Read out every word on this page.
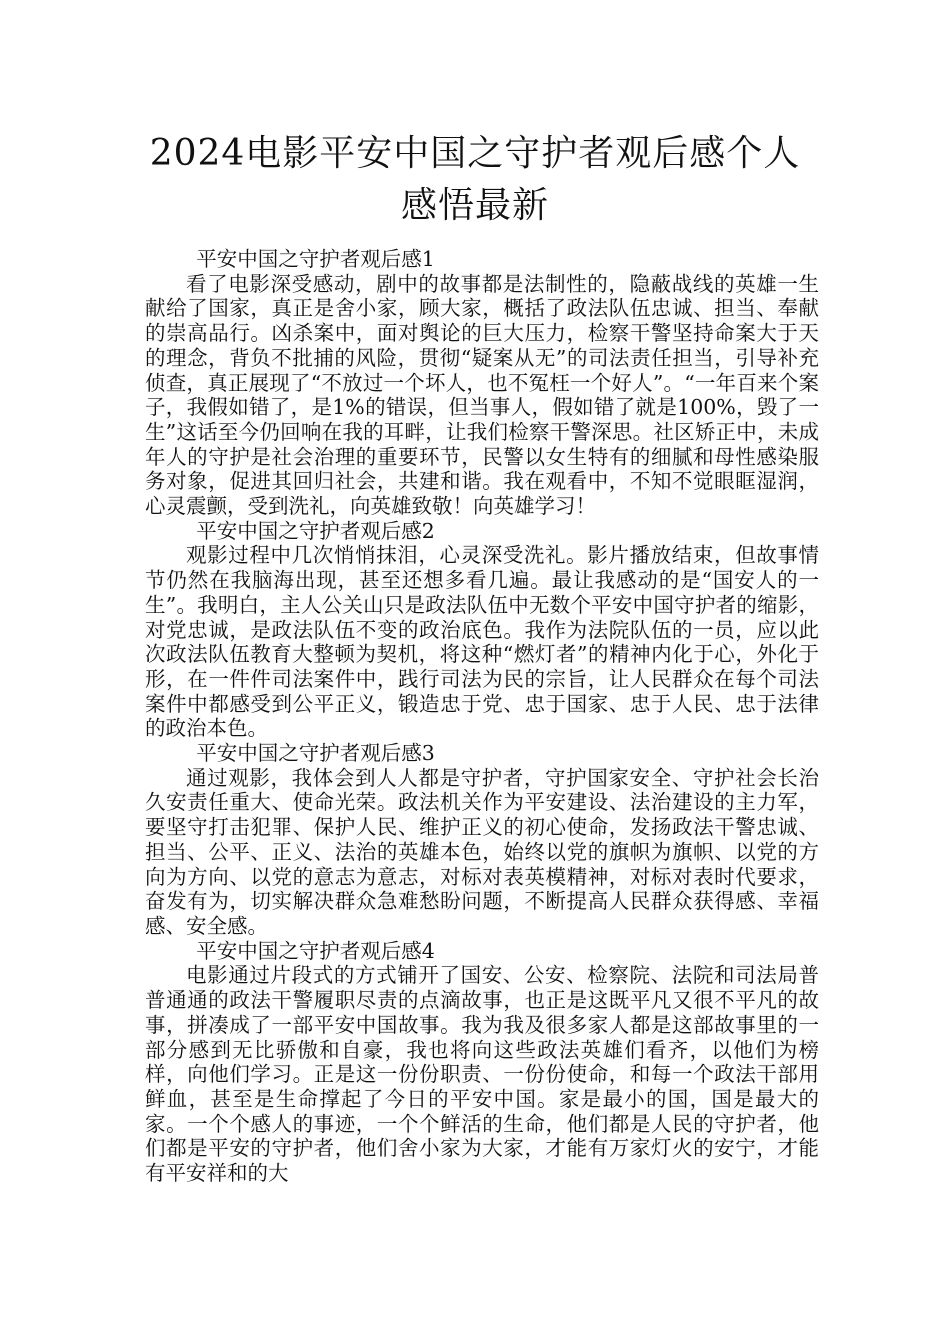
2024电影平安中国之守护者观后感个人感悟最新

平安中国之守护者观后感1

看了电影深受感动，剧中的故事都是法制性的，隐蔽战线的英雄一生献给了国家，真正是舍小家，顾大家，概括了政法队伍忠诚、担当、奉献的崇高品行。凶杀案中，面对舆论的巨大压力，检察干警坚持命案大于天的理念，背负不批捕的风险，贯彻“疑案从无”的司法责任担当，引导补充侦查，真正展现了“不放过一个坏人，也不冤枉一个好人”。“一年百来个案子，我假如错了，是1%的错误，但当事人，假如错了就是100%，毁了一生”这话至今仍回响在我的耳畔，让我们检察干警深思。社区矫正中，未成年人的守护是社会治理的重要环节，民警以女生特有的细腻和母性感染服务对象，促进其回归社会，共建和谐。我在观看中，不知不觉眼眶湿润，心灵震颤，受到洗礼，向英雄致敬！向英雄学习！

平安中国之守护者观后感2

观影过程中几次悄悄抹泪，心灵深受洗礼。影片播放结束，但故事情节仍然在我脑海出现，甚至还想多看几遍。最让我感动的是“国安人的一生”。我明白，主人公关山只是政法队伍中无数个平安中国守护者的缩影，对党忠诚，是政法队伍不变的政治底色。我作为法院队伍的一员，应以此次政法队伍教育大整顿为契机，将这种“燃灯者”的精神内化于心，外化于形，在一件件司法案件中，践行司法为民的宗旨，让人民群众在每个司法案件中都感受到公平正义，锻造忠于党、忠于国家、忠于人民、忠于法律的政治本色。

平安中国之守护者观后感3

通过观影，我体会到人人都是守护者，守护国家安全、守护社会长治久安责任重大、使命光荣。政法机关作为平安建设、法治建设的主力军，要坚守打击犯罪、保护人民、维护正义的初心使命，发扬政法干警忠诚、担当、公平、正义、法治的英雄本色，始终以党的旗帜为旗帜、以党的方向为方向、以党的意志为意志，对标对表英模精神，对标对表时代要求，奋发有为，切实解决群众急难愁盼问题，不断提高人民群众获得感、幸福感、安全感。

平安中国之守护者观后感4

电影通过片段式的方式铺开了国安、公安、检察院、法院和司法局普普通通的政法干警履职尽责的点滴故事，也正是这既平凡又很不平凡的故事，拼凑成了一部平安中国故事。我为我及很多家人都是这部故事里的一部分感到无比骄傲和自豪，我也将向这些政法英雄们看齐，以他们为榜样，向他们学习。正是这一份份职责、一份份使命，和每一个政法干部用鲜血，甚至是生命撑起了今日的平安中国。家是最小的国，国是最大的家。一个个感人的事迹，一个个鲜活的生命，他们都是人民的守护者，他们都是平安的守护者，他们舍小家为大家，才能有万家灯火的安宁，才能有平安祥和的大
